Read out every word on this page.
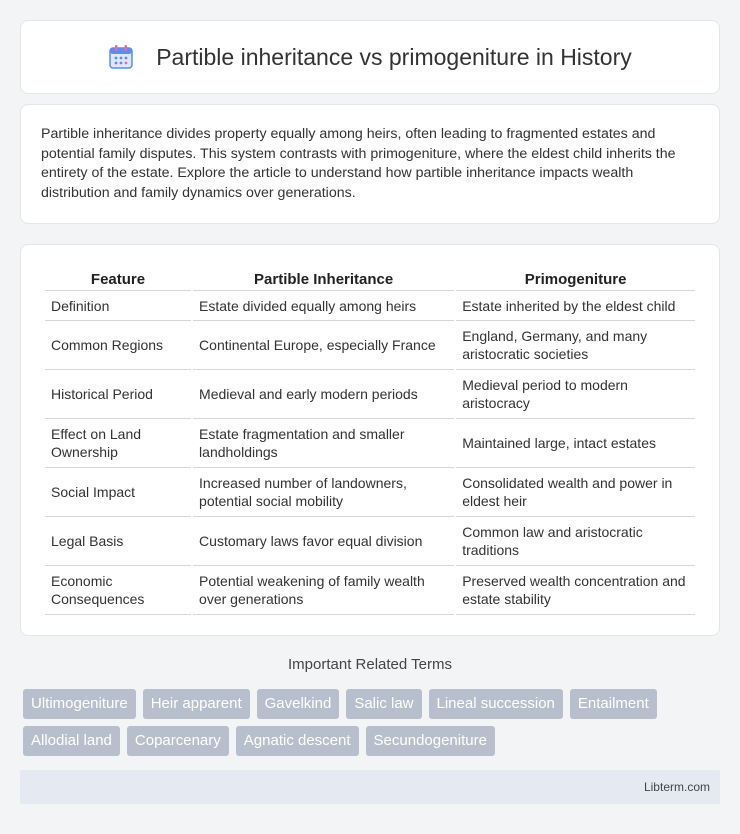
Partible inheritance vs primogeniture in History

Partible inheritance divides property equally among heirs, often leading to fragmented estates and potential family disputes. This system contrasts with primogeniture, where the eldest child inherits the entirety of the estate. Explore the article to understand how partible inheritance impacts wealth distribution and family dynamics over generations.

Feature	Partible Inheritance	Primogeniture
Definition	Estate divided equally among heirs	Estate inherited by the eldest child
Common Regions	Continental Europe, especially France	England, Germany, and many aristocratic societies
Historical Period	Medieval and early modern periods	Medieval period to modern aristocracy
Effect on Land Ownership	Estate fragmentation and smaller landholdings	Maintained large, intact estates
Social Impact	Increased number of landowners, potential social mobility	Consolidated wealth and power in eldest heir
Legal Basis	Customary laws favor equal division	Common law and aristocratic traditions
Economic Consequences	Potential weakening of family wealth over generations	Preserved wealth concentration and estate stability
Important Related Terms
Ultimogeniture	Heir apparent	Gavelkind	Salic law	Lineal succession	Entailment
Allodial land	Coparcenary	Agnatic descent	Secundogeniture
Libterm.com
